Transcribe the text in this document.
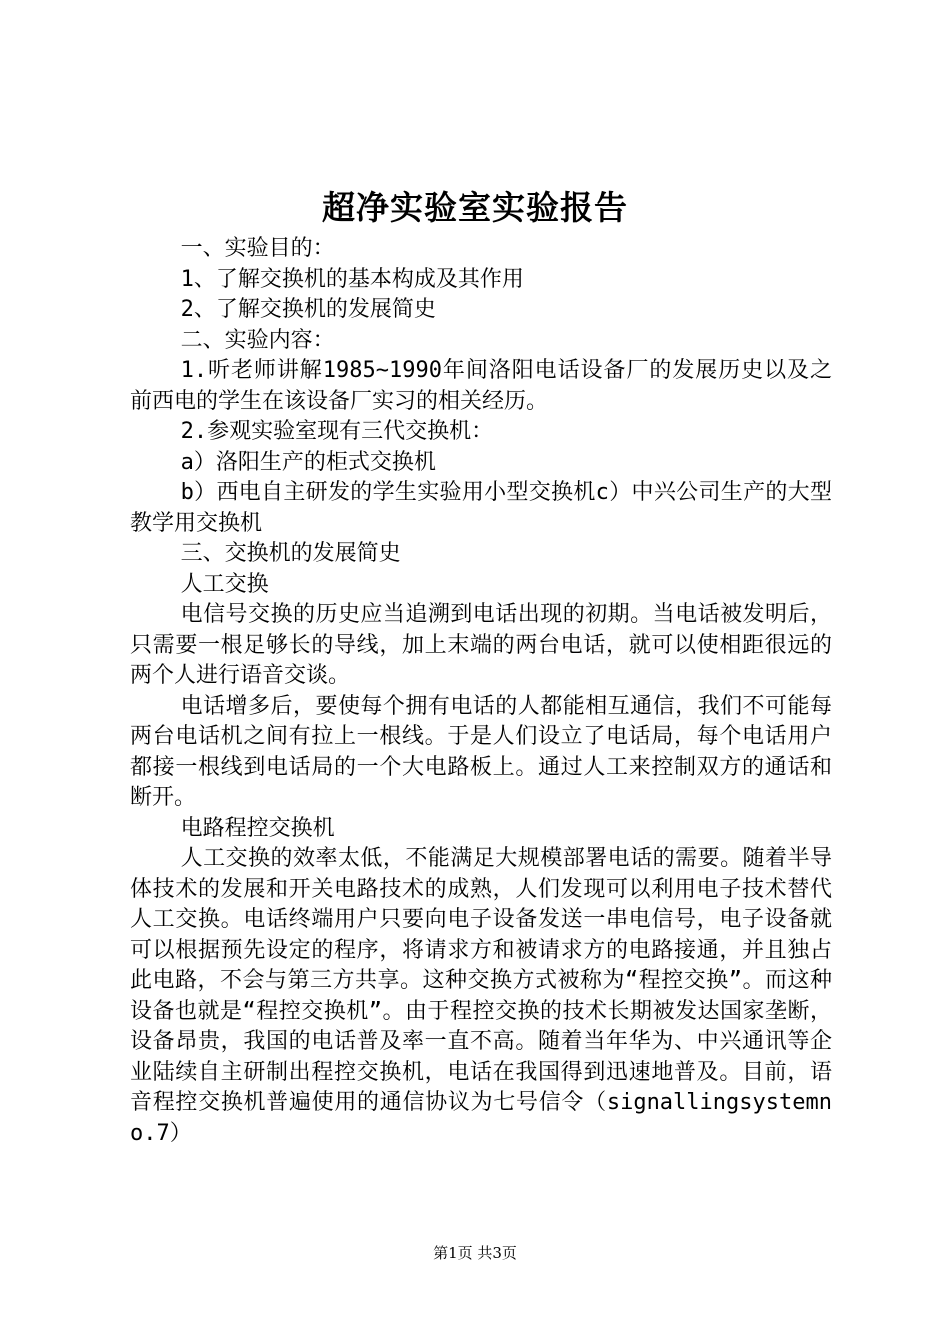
超净实验室实验报告

一、实验目的：

1、了解交换机的基本构成及其作用

2、了解交换机的发展简史

二、实验内容：

1.听老师讲解1985~1990年间洛阳电话设备厂的发展历史以及之前西电的学生在该设备厂实习的相关经历。

2.参观实验室现有三代交换机：

a）洛阳生产的柜式交换机

b）西电自主研发的学生实验用小型交换机c）中兴公司生产的大型教学用交换机

三、交换机的发展简史

人工交换

电信号交换的历史应当追溯到电话出现的初期。当电话被发明后，只需要一根足够长的导线，加上末端的两台电话，就可以使相距很远的两个人进行语音交谈。

电话增多后，要使每个拥有电话的人都能相互通信，我们不可能每两台电话机之间有拉上一根线。于是人们设立了电话局，每个电话用户都接一根线到电话局的一个大电路板上。通过人工来控制双方的通话和断开。

电路程控交换机

人工交换的效率太低，不能满足大规模部署电话的需要。随着半导体技术的发展和开关电路技术的成熟，人们发现可以利用电子技术替代人工交换。电话终端用户只要向电子设备发送一串电信号，电子设备就可以根据预先设定的程序，将请求方和被请求方的电路接通，并且独占此电路，不会与第三方共享。这种交换方式被称为“程控交换”。而这种设备也就是“程控交换机”。由于程控交换的技术长期被发达国家垄断，设备昂贵，我国的电话普及率一直不高。随着当年华为、中兴通讯等企业陆续自主研制出程控交换机，电话在我国得到迅速地普及。目前，语音程控交换机普遍使用的通信协议为七号信令（signallingsystemno.7）

第1页 共3页
